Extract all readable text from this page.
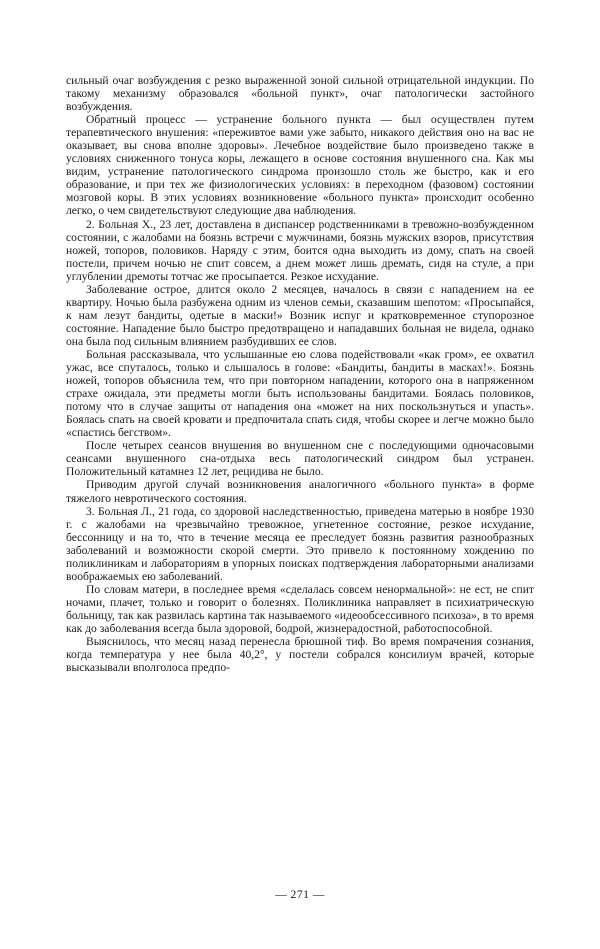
сильный очаг возбуждения с резко выраженной зоной сильной отрицательной индукции. По такому механизму образовался «больной пункт», очаг патологически застойного возбуждения.

Обратный процесс — устранение больного пункта — был осуществлен путем терапевтического внушения: «переживтое вами уже забыто, никакого действия оно на вас не оказывает, вы снова вполне здоровы». Лечебное воздействие было произведено также в условиях сниженного тонуса коры, лежащего в основе состояния внушенного сна. Как мы видим, устранение патологического синдрома произошло столь же быстро, как и его образование, и при тех же физиологических условиях: в переходном (фазовом) состоянии мозговой коры. В этих условиях возникновение «больного пункта» происходит особенно легко, о чем свидетельствуют следующие два наблюдения.

2. Больная Х., 23 лет, доставлена в диспансер родственниками в тревожно-возбужденном состоянии, с жалобами на боязнь встречи с мужчинами, боязнь мужских взоров, присутствия ножей, топоров, половиков. Наряду с этим, боится одна выходить из дому, спать на своей постели, причем ночью не спит совсем, а днем может лишь дремать, сидя на стуле, а при углублении дремоты тотчас же просыпается. Резкое исхудание.

Заболевание острое, длится около 2 месяцев, началось в связи с нападением на ее квартиру. Ночью была разбужена одним из членов семьи, сказавшим шепотом: «Просыпайся, к нам лезут бандиты, одетые в маски!» Возник испуг и кратковременное ступорозное состояние. Нападение было быстро предотвращено и нападавших больная не видела, однако она была под сильным влиянием разбудивших ее слов.

Больная рассказывала, что услышанные ею слова подействовали «как гром», ее охватил ужас, все спуталось, только и слышалось в голове: «Бандиты, бандиты в масках!». Боязнь ножей, топоров объяснила тем, что при повторном нападении, которого она в напряженном страхе ожидала, эти предметы могли быть использованы бандитами. Боялась половиков, потому что в случае защиты от нападения она «может на них поскользнуться и упасть». Боялась спать на своей кровати и предпочитала спать сидя, чтобы скорее и легче можно было «спастись бегством».

После четырех сеансов внушения во внушенном сне с последующими одночасовыми сеансами внушенного сна-отдыха весь патологический синдром был устранен. Положительный катамнез 12 лет, рецидива не было.

Приводим другой случай возникновения аналогичного «больного пункта» в форме тяжелого невротического состояния.

3. Больная Л., 21 года, со здоровой наследственностью, приведена матерью в ноябре 1930 г. с жалобами на чрезвычайно тревожное, угнетенное состояние, резкое исхудание, бессонницу и на то, что в течение месяца ее преследует боязнь развития разнообразных заболеваний и возможности скорой смерти. Это привело к постоянному хождению по поликлиникам и лабораториям в упорных поисках подтверждения лабораторными анализами воображаемых ею заболеваний.

По словам матери, в последнее время «сделалась совсем ненормальной»: не ест, не спит ночами, плачет, только и говорит о болезнях. Поликлиника направляет в психиатрическую больницу, так как развилась картина так называемого «идеообсессивного психоза», в то время как до заболевания всегда была здоровой, бодрой, жизнерадостной, работоспособной.

Выяснилось, что месяц назад перенесла брюшной тиф. Во время помрачения сознания, когда температура у нее была 40,2°, у постели собрался консилиум врачей, которые высказывали вполголоса предпо-

— 271 —
